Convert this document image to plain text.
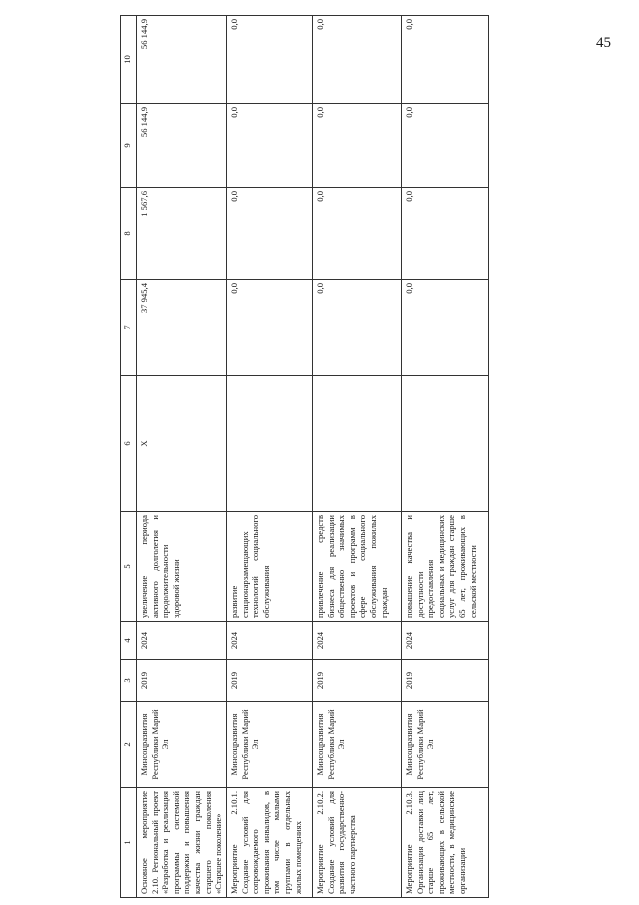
45
1	2	3	4	5	6	7	8	9	10
Основное мероприятие 2.10. Региональный проект «Разработка и реализация программы системной поддержки и повышения качества жизни граждан старшего поколения «Старшее поколение»	Минсоцразвития Республики Марий Эл	2019	2024	увеличение периода активного долголетия и продолжительности здоровой жизни	X	37 945,4	1 567,6	56 144,9	56 144,9
Мероприятие 2.10.1. Создание условий для сопровождаемого проживания инвалидов, в том числе малыми группами в отдельных жилых помещениях	Минсоцразвития Республики Марий Эл	2019	2024	развитие стационарзамещающих технологий социального обслуживания		0,0	0,0	0,0	0,0
Мероприятие 2.10.2. Создание условий для развития государственно-частного партнерства	Минсоцразвития Республики Марий Эл	2019	2024	привлечение средств бизнеса для реализации общественно значимых проектов и программ в сфере социального обслуживания пожилых граждан		0,0	0,0	0,0	0,0
Мероприятие 2.10.3. Организация доставки лиц старше 65 лет, проживающих в сельской местности, в медицинские организации	Минсоцразвития Республики Марий Эл	2019	2024	повышение качества и доступности предоставления социальных и медицинских услуг для граждан старше 65 лет, проживающих в сельской местности		0,0	0,0	0,0	0,0
